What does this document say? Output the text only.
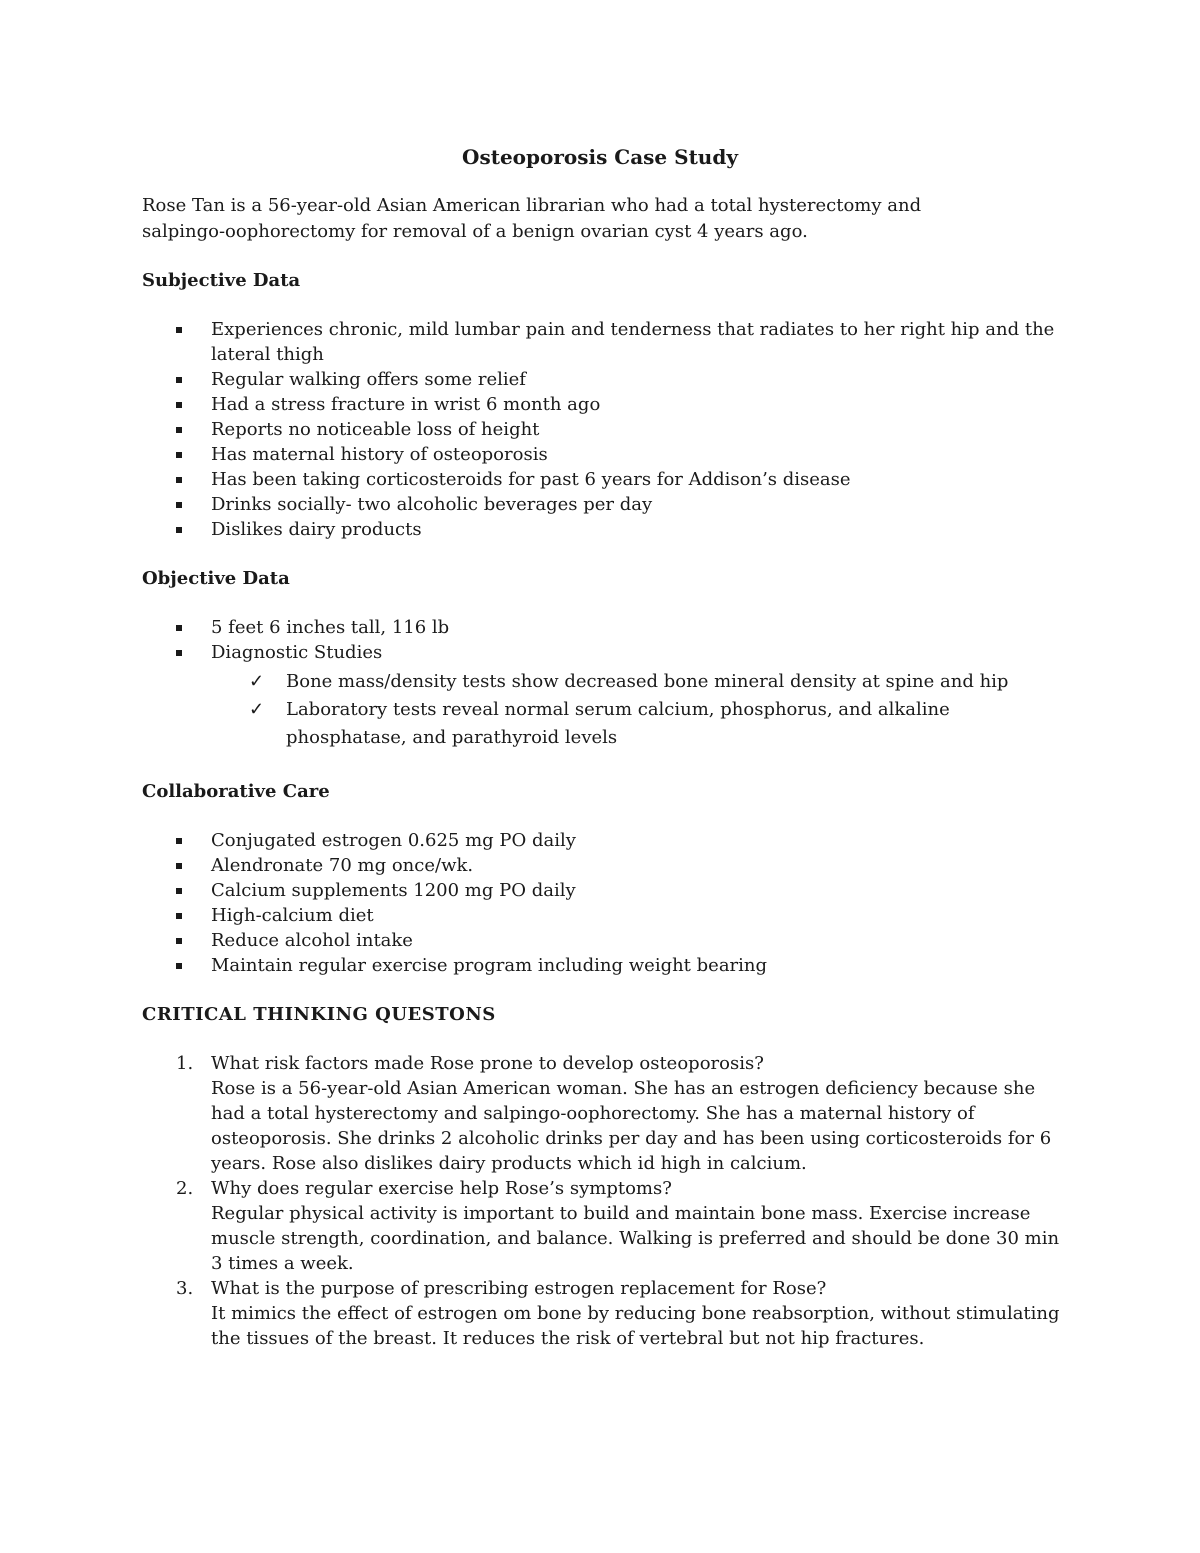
Osteoporosis Case Study
Rose Tan is a 56-year-old Asian American librarian who had a total hysterectomy and
salpingo-oophorectomy for removal of a benign ovarian cyst 4 years ago.
Subjective Data
Experiences chronic, mild lumbar pain and tenderness that radiates to her right hip and the lateral thigh
Regular walking offers some relief
Had a stress fracture in wrist 6 month ago
Reports no noticeable loss of height
Has maternal history of osteoporosis
Has been taking corticosteroids for past 6 years for Addison’s disease
Drinks socially- two alcoholic beverages per day
Dislikes dairy products
Objective Data
5 feet 6 inches tall, 116 lb
Diagnostic Studies
✓ Bone mass/density tests show decreased bone mineral density at spine and hip
✓ Laboratory tests reveal normal serum calcium, phosphorus, and alkaline phosphatase, and parathyroid levels
Collaborative Care
Conjugated estrogen 0.625 mg PO daily
Alendronate 70 mg once/wk.
Calcium supplements 1200 mg PO daily
High-calcium diet
Reduce alcohol intake
Maintain regular exercise program including weight bearing
CRITICAL THINKING QUESTONS
1. What risk factors made Rose prone to develop osteoporosis?
Rose is a 56-year-old Asian American woman. She has an estrogen deficiency because she had a total hysterectomy and salpingo-oophorectomy. She has a maternal history of osteoporosis. She drinks 2 alcoholic drinks per day and has been using corticosteroids for 6 years. Rose also dislikes dairy products which id high in calcium.
2. Why does regular exercise help Rose’s symptoms?
Regular physical activity is important to build and maintain bone mass. Exercise increase muscle strength, coordination, and balance. Walking is preferred and should be done 30 min 3 times a week.
3. What is the purpose of prescribing estrogen replacement for Rose?
It mimics the effect of estrogen om bone by reducing bone reabsorption, without stimulating the tissues of the breast. It reduces the risk of vertebral but not hip fractures.
